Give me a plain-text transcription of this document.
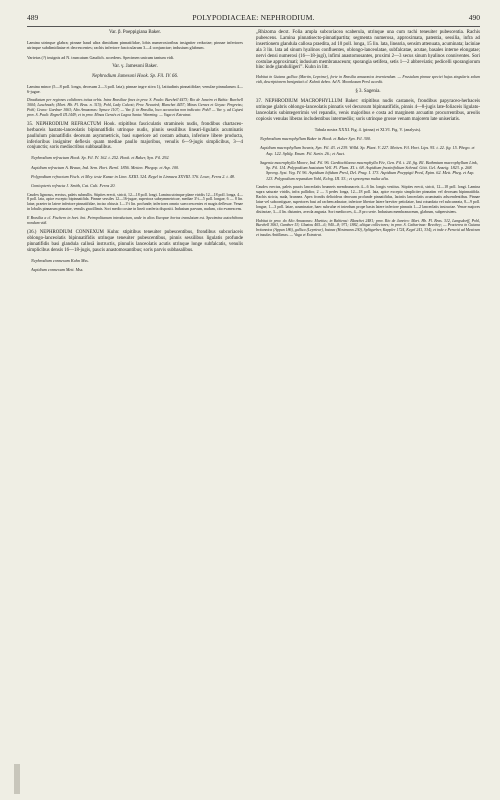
489	POLYPODIACEAE: NEPHRODIUM.	490
Var. β. Poeppigiana Baker.
Lamina utrinque glabra; pinnae haud ultra dimidiam pinnatifidae, lobis numerosioribus insigniter reductae; pinnae inferiores utrinque subdimidiatae et decrescentes; rachis inferiore fascicularum 3—4 conjunctae; indusium glabrum.
Varietas (?) insignis ad N. truncatum Gaudich. accedens. Specimen unicum tantum vidi.
Var. γ. Jamesoni Baker.
Nephrodium Jamesoni Hook. Sp. Fil. IV. 66.
Lamina minor (5—8 poll. longa, deorsum 2—3 poll. lata); pinnae ingre stiva 1), latitudinis pinnatifidae; venulae pinnularum 4—6-jugae.
Diradiatum per regiones calidiores totius orbis. Intra Brasiliae fines in prov. S. Paulo: Burchell 4473; Rio de Janeiro et Bahia: Burchell 3004; Luschnath; (Mart. Hb. Fl. Bras. n. 315); Pohl, Lady Calcott; Prov. Neuwied; Blanchet 4457; Minas Geraes et Goyaz: Pergreiss; Pohl; Ceara: Gardner 1063; Alto Amazonas: Spruce 1107; — Var. β. in Brasilia, loco accuratius non indicato: Pohl! — Var. γ. ad Cujurú prov. S. Pauli: Regnell III.1449; et in prov. Minas Geraës et Lagoa Santa: Warming. — Vaga et Extratrat.
35. NEPHRODIUM REFRACTUM Hook. stipitibus fasciculatis stramineis nudis, frondibus chartaceo-herbaceis hastato-lanceolatis bipinnatifidis utrinque nudis, pinnis sessilibus lineari-ligulatis acuminatis paullulum pinnatifidis deorsum asymmetricis, basi superiore ad costam adnata, inferiore libere producta, inferioribus insigniter deflexis quam mediae paullo majoribus, venulis 6—9-jugis simplicibus, 3—4 conjunctis; soris mediocribus subbasalibus.
Nephrodium refractum Hook. Sp. Fil. IV. 162. t. 252. Hook. et Baker, Syn. Fil. 292.
Aspidium refractum A. Braun, Ind. Sem. Hort. Berol. 1856. Metten. Phegop. et Asp. 100.
Polypodium refractum Fisch. et Mey. teste Kunze in Linn. XXIII. 324. Regel in Linnaea XXVIII. 376. Lowe, Ferns 2. t. 48.
Goniopteris refracta J. Smith, Cat. Cult. Ferns 20.
Caudex lignosus, erectus, paleis subnullis. Stipites erecti, stricti, 12—18 poll. longi. Lamina utrinque plane viridis 12—18 poll. longa, 4—8 poll. lata, apice excepto bipinnatifida. Pinnae sessiles 12—16-jugae, superiora subsymmetricae, mediae 3½—5 poll. longae, 6 — 8 lin. latae, praeter in latere inferiore pinnatifidae, inciso obtusis 1—1½ lin. profunde; inferiores omnio sueccrescentes et magis deflexae. Venae in lobulis pinnarum pinnatae, venulis gracillimis. Sori medio costae in lineā conferta dispositi. Indusium parvum, nudum, cito evanescens.
E Brasilia a cl. Fischero in hort. bot. Petropolitanum introductum, unde in alios Europae hortos translatum est. Specimina autochthona nondum vidi.
(36.) NEPHRODIUM CONNEXUM Kuhn: stipitibus teneuiter pubescentibus, frondibus subcoriaceis oblongo-lanceolatis bipinnatifidis utrinque teneuiter pubescentibus, pinnis sessilibus ligulatis profunde pinnatifidis basi glandula callosā instructis, pinnulis lanceolatis acutis utrinque longe subfalcatis, venulis simplicibus densis 16—18-jugis, paucis anastomosantibus; soris parvis subbasalibus.
Nephrodium connexum Kuhn Mss.
Aspidium connexum Mett. Mss.
„Rhizoma decst. Folia ampla subcoriacea scaberula, utrinque una cum rachi teneuiter pubescentia. Rachis pubescens. Lamina pinnatisecto-pinnatipartita; segmenta numerosa, approximata, patentia, sessilia, infra ad insertionem glandula callosa praedita, ad 10 poll. longa, 15 lin. lata, linearia, sensim attenuata, acuminata; laciniae ala 3 lin. lata ad sinum hyalinos confluentes, oblongo-lanceolatae, subfalcatae, acutae, basales interne elongatae; nervi densi numerosi (16—18-jugi), infimi anastomosantes, proximi 2—3 secus sinum hyalinos conniventes. Sori costulae approximati; indusium membranaceum; sporangia setifera, setis 1—2 abbreviatis; pedicelli sporangiorum hinc inde glanduliigeri”. Kuhn in litt.
Habitat in Guiana gallica (Martin, Leprieur), forte in Brasilia amazonica inveniendum. — Frustulum pinnae speciei hujus singularis solum vidi, descriptionem benignitati cl. Kuhnii debeo. Ad N. Moonkosum Presl accedit.
§ 3. Sagenia.
37. NEPHRODIUM MACROPHYLLUM Baker: stipitibus nudis castaneis, frondibus papyraceo-herbaceis utrinque glabris oblongo-lanceolatis pinnatis vel decursum bipinnatifidis, pinnis 4—8-jugis late-foliaceis ligulato-lanceolatis subintegerrimis vel repandis, venis majoribus e costa ad marginem arcuatim procurrentibus, areolis copiosis venulas liberas includentibus intermediis; soris utrinque grosse venam majorem late uniseriatis.
Tabula nostra XXXI. Fig. 4. (pinna) et XLVI. Fig. V. (analysis).
Nephrodium macrophyllum Baker in Hook. et Baker Syn. Fil. 300.
Aspidium macrophyllum Swartz, Syn. Fil. 43. et 239. Willd. Sp. Plant. V. 227. Metten. Fil. Hort. Lips. 95. t. 22. fig. 15. Phego. et Asp. 122. Spltlg. Enum. Fil. Surin. 26.; et Auct.
Sagenia macrophylla Moore, Ind. Fil. 96. Cardiochlaena macrophylla Fée, Gen. Fil. t. 24. fig. B1. Bathmium macrophyllum Link, Sp. Fil. 114. Polypodium hastatum Vell. Fl. Flum. XI. t. 68. Aspidium fraxinifolium Schrad. Gött. Gel. Anzeig. 1823. p. 268. Spreng. Syst. Veg. IV. 96. Aspidium bifidum Presl, Del. Prag. I. 173. Aspidium Poeppigii Presl, Epim. 62. Mett. Pheg. et Asp. 123. Polypodium repandum Vahl, Eclog. III. 53.; et synonyma multa alia.
Caudex erectus, paleis paucis lanceolatis brunneis membranaceis 4—6 lin. longis vestitus. Stipites erecti, stricti, 12—18 poll. longi. Lamina supra saturate viridis, infra pallidior, 2 — 3 pedes longa, 12—18 poll. lata, apice excepto simpliciter pinnatim vel deorsum bipinnatifida. Rachis stricta, nuda, brunnea. Apex frondis deltoideus deorsum profunde pinnatifidus, laciniis lanceolatis acuminatis adscendentibus. Pinnae latae vel subcontiguae, superiores basi ad rachem adnatae, inferiore libertae latere breviter petiolatae, basi rotundata vel subcuneata, 8—9 poll. longae, 1—3 poll. latae, acuminatae, haec subrufae et interdum prope basin latere inferiore pinnatis 1—2 lanceolatis instructae. Venae majores distinctae, 3—4 lin. distantes, aveola angusta. Sori mediocres, 4—8 pro serie. Indusium membranaceum, glabrum, subpersistens.
Habitat in prov. do Alto Amazonas: Martius; in Bahiensi: Blanchet 2481; prov. Rio de Janeiro: Mart. Hb. Fl. Bras. 312, Langsdorff, Pohl, Burchell 3061, Gardner 53; Glaziou 405—6; 940—8; 971; 1882, aliique collectores; in prov. S. Catharinae: Beechey; — Practerea in Guiana britannica (Appun 186), gallica (Leprieur), batava (Hostmann 230), Splitgerber, Kappler 1724, Kegel 241, 334), et inde e Peruviá ad Mexicum et insulas Antillanas. — Vaga et Extratrat.
